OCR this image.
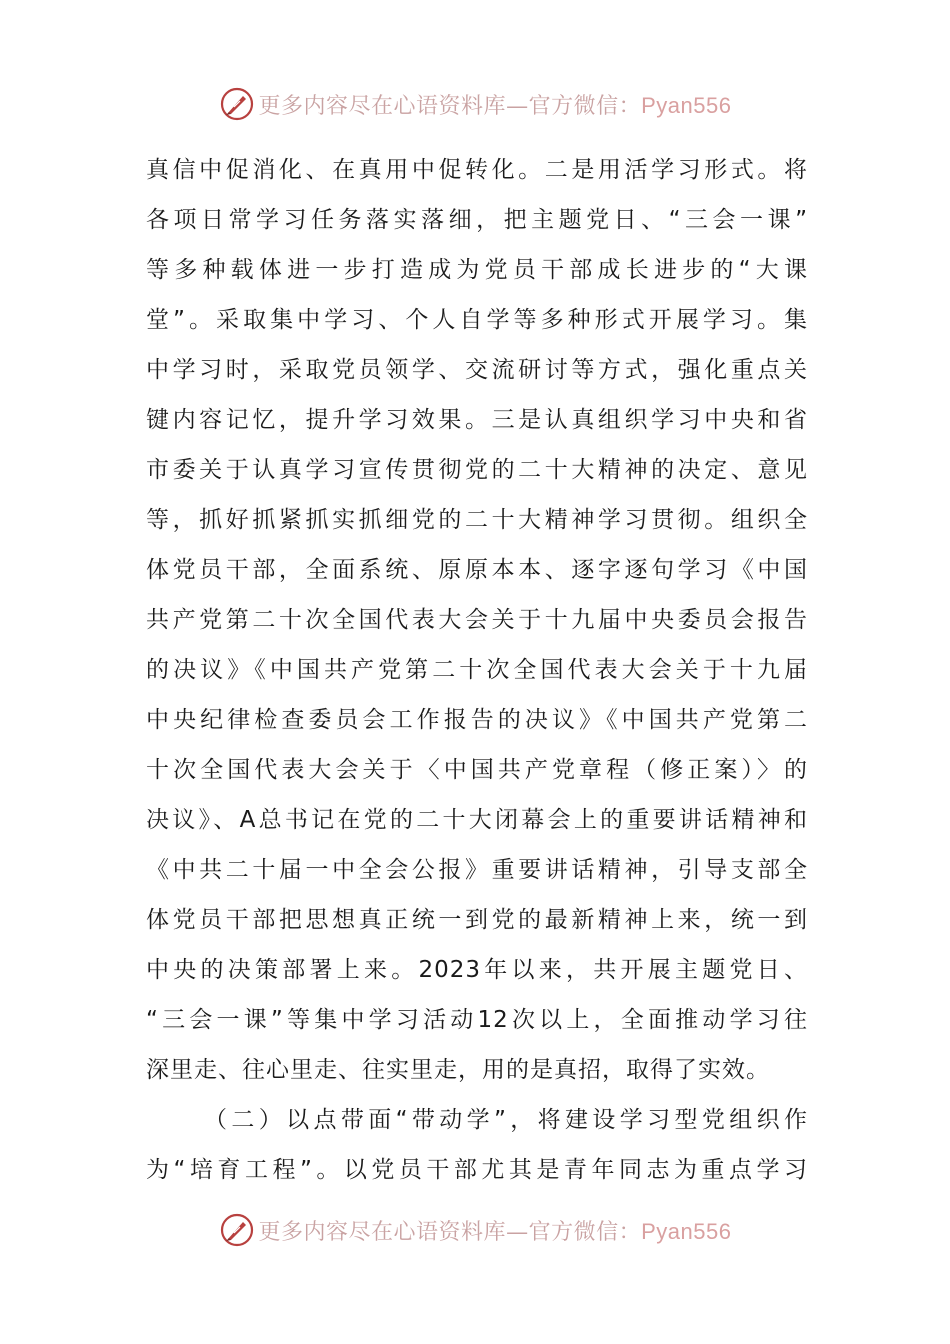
更多内容尽在心语资料库—官方微信：Pyan556
真信中促消化、在真用中促转化。二是用活学习形式。将
各项日常学习任务落实落细，把主题党日、“三会一课”
等多种载体进一步打造成为党员干部成长进步的“大课
堂”。采取集中学习、个人自学等多种形式开展学习。集
中学习时，采取党员领学、交流研讨等方式，强化重点关
键内容记忆，提升学习效果。三是认真组织学习中央和省
市委关于认真学习宣传贯彻党的二十大精神的决定、意见
等，抓好抓紧抓实抓细党的二十大精神学习贯彻。组织全
体党员干部，全面系统、原原本本、逐字逐句学习《中国
共产党第二十次全国代表大会关于十九届中央委员会报告
的决议》《中国共产党第二十次全国代表大会关于十九届
中央纪律检查委员会工作报告的决议》《中国共产党第二
十次全国代表大会关于〈中国共产党章程（修正案）〉的
决议》、A总书记在党的二十大闭幕会上的重要讲话精神和
《中共二十届一中全会公报》重要讲话精神，引导支部全
体党员干部把思想真正统一到党的最新精神上来，统一到
中央的决策部署上来。2023年以来，共开展主题党日、
“三会一课”等集中学习活动12次以上，全面推动学习往
深里走、往心里走、往实里走，用的是真招，取得了实效。
（二）以点带面“带动学”，将建设学习型党组织作
为“培育工程”。以党员干部尤其是青年同志为重点学习
更多内容尽在心语资料库—官方微信：Pyan556
